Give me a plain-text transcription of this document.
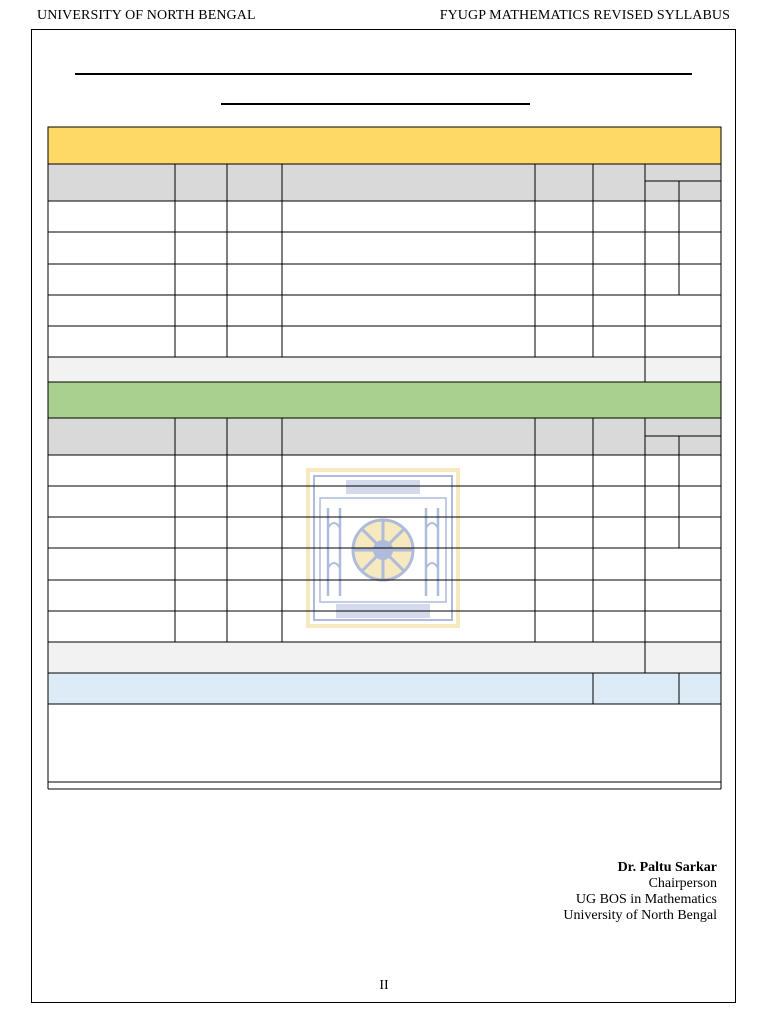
UNIVERSITY OF NORTH BENGAL	FYUGP MATHEMATICS REVISED SYLLABUS
Dr. Paltu Sarkar
Chairperson
UG BOS in Mathematics
University of North Bengal
II
